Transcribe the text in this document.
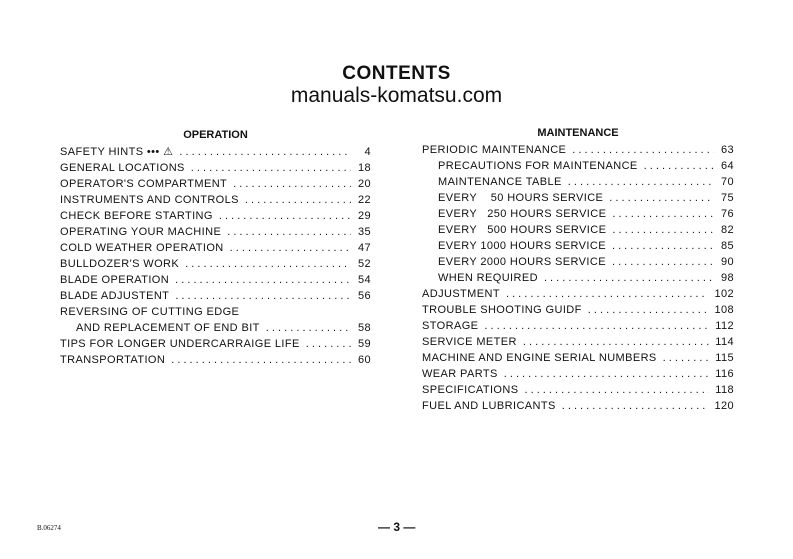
CONTENTS
manuals-komatsu.com
OPERATION
SAFETY HINTS ••• ⚠ . . .	4
GENERAL LOCATIONS . . .	18
OPERATOR'S COMPARTMENT . . .	20
INSTRUMENTS AND CONTROLS . . .	22
CHECK BEFORE STARTING . . .	29
OPERATING YOUR MACHINE . . .	35
COLD WEATHER OPERATION . . .	47
BULLDOZER'S WORK . . .	52
BLADE OPERATION . . .	54
BLADE ADJUSTENT . . .	56
REVERSING OF CUTTING EDGE
AND REPLACEMENT OF END BIT . . .	58
TIPS FOR LONGER UNDERCARRAIGE LIFE . . .	59
TRANSPORTATION . . .	60
MAINTENANCE
PERIODIC MAINTENANCE . . .	63
PRECAUTIONS FOR MAINTENANCE . . .	64
MAINTENANCE TABLE . . .	70
EVERY    50 HOURS SERVICE . . .	75
EVERY   250 HOURS SERVICE . . .	76
EVERY   500 HOURS SERVICE . . .	82
EVERY 1000 HOURS SERVICE . . .	85
EVERY 2000 HOURS SERVICE . . .	90
WHEN REQUIRED . . .	98
ADJUSTMENT . . .	102
TROUBLE SHOOTING GUIDF . . .	108
STORAGE . . .	112
SERVICE METER . . .	114
MACHINE AND ENGINE SERIAL NUMBERS . . .	115
WEAR PARTS . . .	116
SPECIFICATIONS . . .	118
FUEL AND LUBRICANTS . . .	120
B.06274	— 3 —
